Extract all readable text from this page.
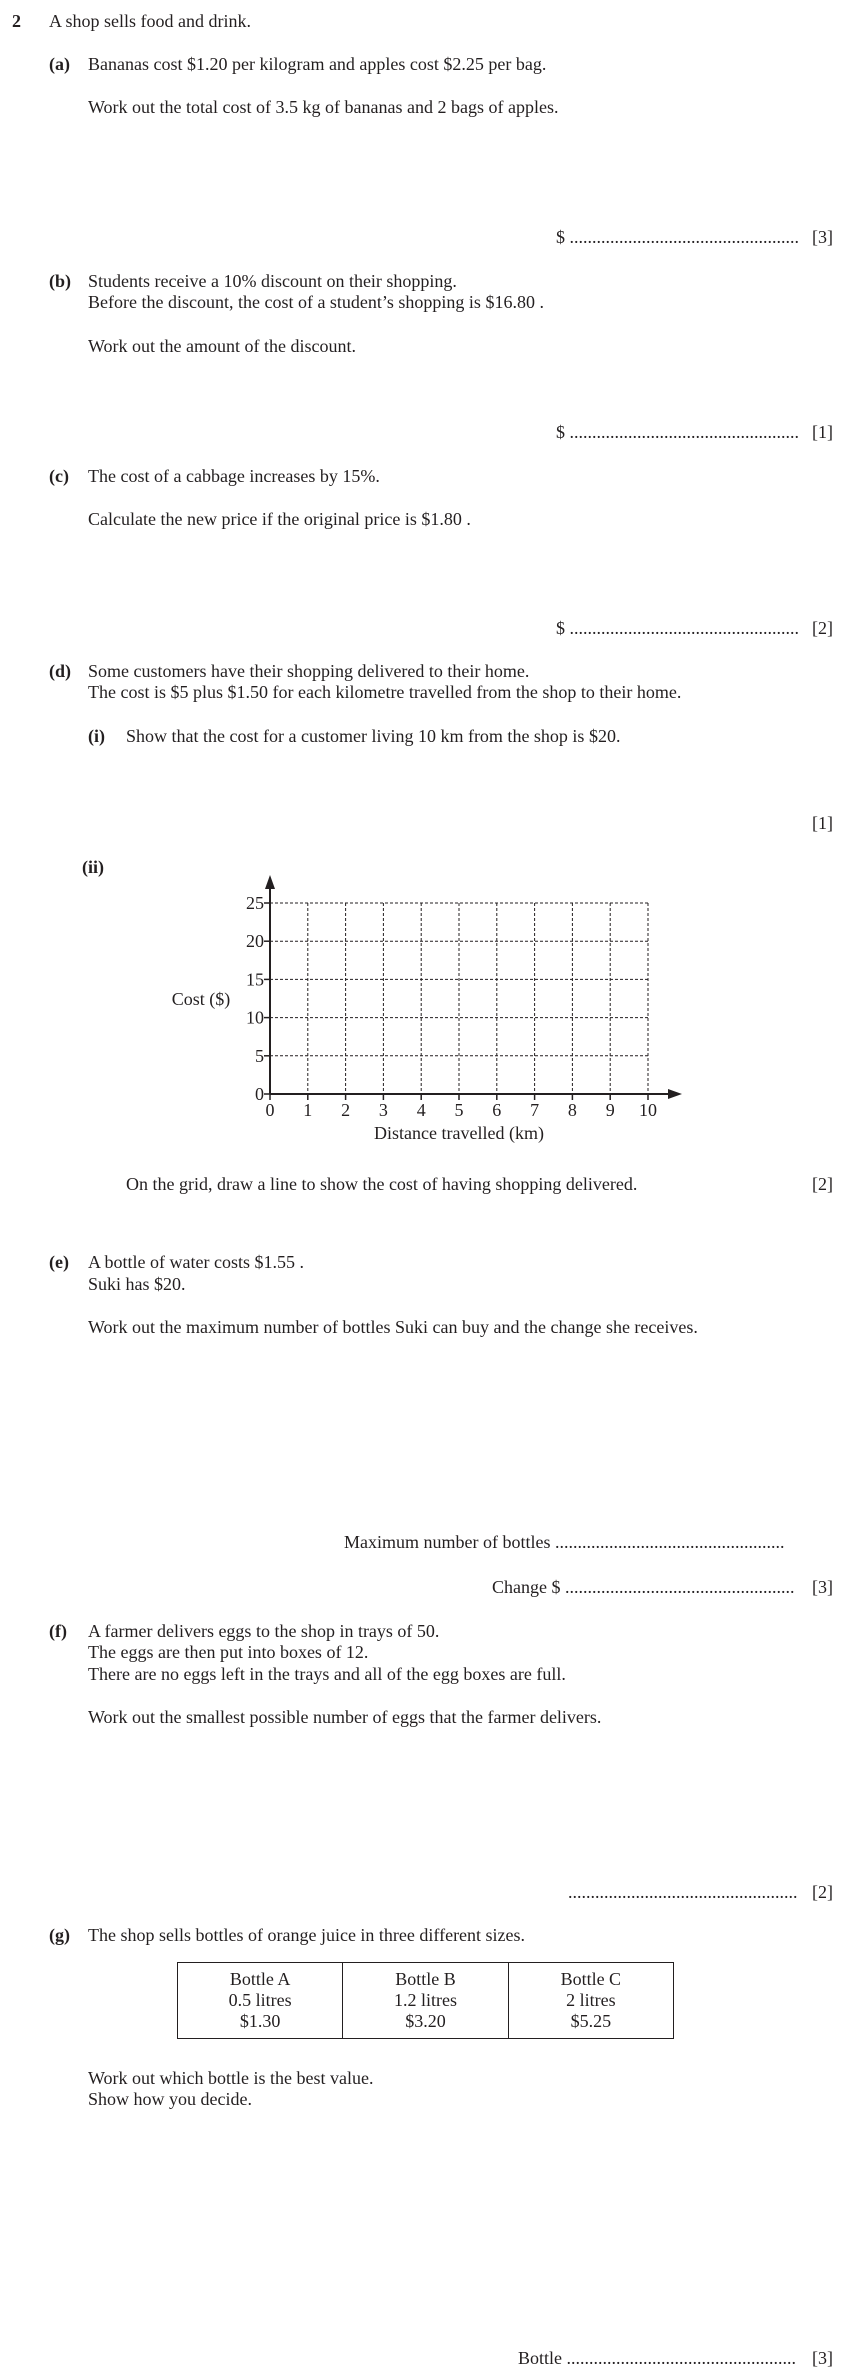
2 A shop sells food and drink.
(a) Bananas cost $1.20 per kilogram and apples cost $2.25 per bag.
Work out the total cost of 3.5 kg of bananas and 2 bags of apples.
$ ................................................... [3]
(b) Students receive a 10% discount on their shopping.
Before the discount, the cost of a student’s shopping is $16.80 .
Work out the amount of the discount.
$ ................................................... [1]
(c) The cost of a cabbage increases by 15%.
Calculate the new price if the original price is $1.80 .
$ ................................................... [2]
(d) Some customers have their shopping delivered to their home.
The cost is $5 plus $1.50 for each kilometre travelled from the shop to their home.
(i) Show that the cost for a customer living 10 km from the shop is $20.
[1]
(ii)
0 1 2 3 4 5 6 7 8 9 10
0
5
10
15
20
25
Distance travelled (km)
Cost ($)
On the grid, draw a line to show the cost of having shopping delivered.	[2]
(e) A bottle of water costs $1.55 .
Suki has $20.
Work out the maximum number of bottles Suki can buy and the change she receives.
Maximum number of bottles ...................................................
Change $ ................................................... [3]
(f) A farmer delivers eggs to the shop in trays of 50.
The eggs are then put into boxes of 12.
There are no eggs left in the trays and all of the egg boxes are full.
Work out the smallest possible number of eggs that the farmer delivers.
................................................... [2]
(g) The shop sells bottles of orange juice in three different sizes.
Bottle A
0.5 litres
$1.30

Bottle B
1.2 litres
$3.20

Bottle C
2 litres
$5.25
Work out which bottle is the best value.
Show how you decide.
Bottle ................................................... [3]
